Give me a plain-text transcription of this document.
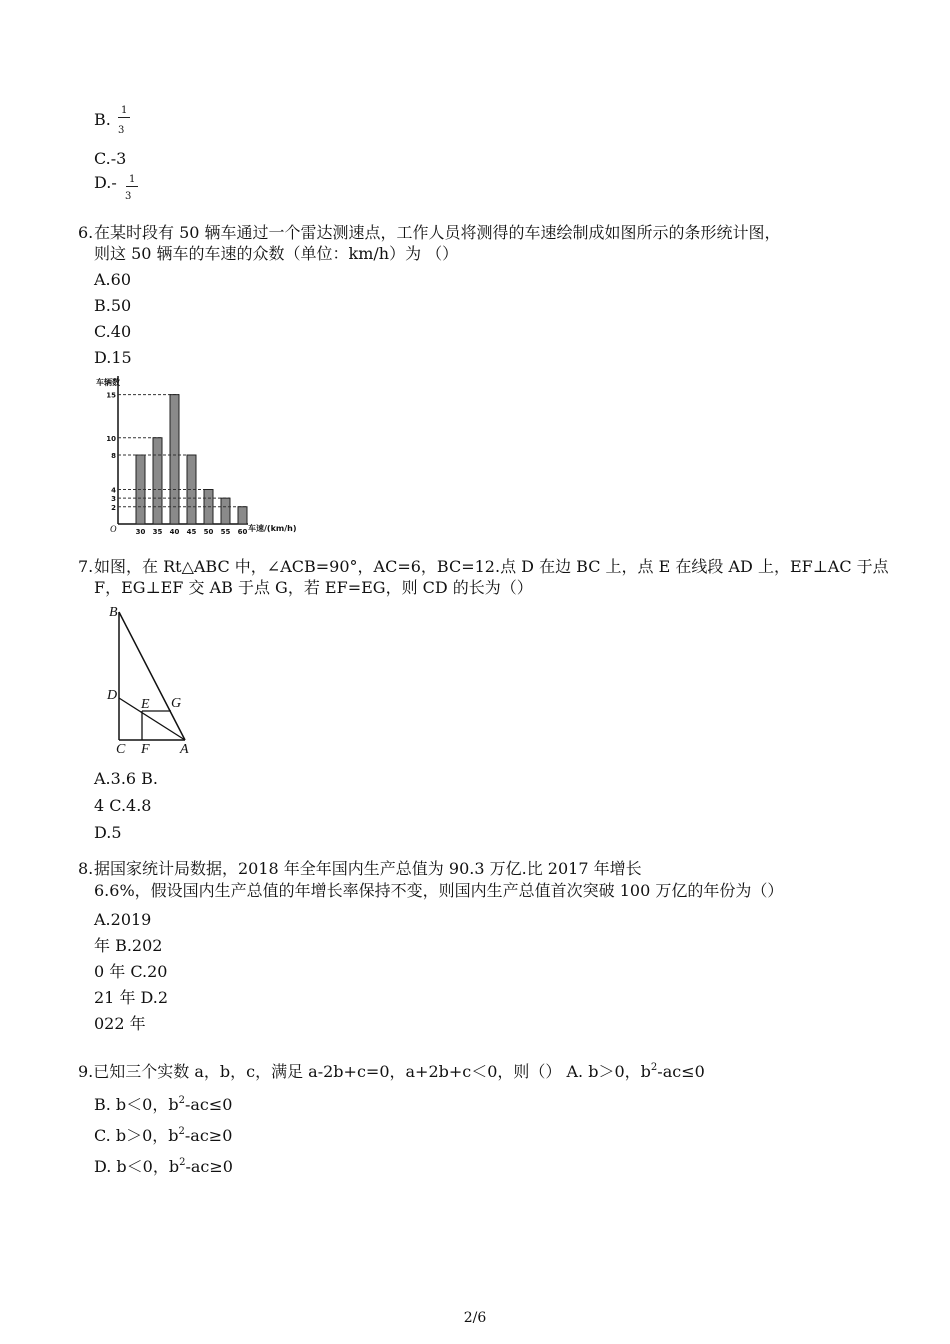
B. 1
3
C.-3
D.- 1
3
6.在某时段有 50 辆车通过一个雷达测速点，工作人员将测得的车速绘制成如图所示的条形统计图，
则这 50 辆车的车速的众数（单位：km/h）为 （）
A.60
B.50
C.40
D.15
车辆数
车速/(km/h)
O	30 35 40 45 50 55 60
2
3
4
8
10
15
7.如图，在 Rt△ABC 中，∠ACB=90°，AC=6，BC=12.点 D 在边 BC 上，点 E 在线段 AD 上，EF⊥AC 于点
F，EG⊥EF 交 AB 于点 G，若 EF=EG，则 CD 的长为（）
B
D
E G
C F A
A.3.6 B.
4 C.4.8
D.5
8.据国家统计局数据，2018 年全年国内生产总值为 90.3 万亿.比 2017 年增长
6.6%，假设国内生产总值的年增长率保持不变，则国内生产总值首次突破 100 万亿的年份为（）
A.2019
年 B.202
0 年 C.20
21 年 D.2
022 年
9.已知三个实数 a，b，c，满足 a-2b+c=0，a+2b+c＜0，则（） A. b＞0，$b^2-ac\le 0$
B. b＜0，$b^2-ac\le 0$
C. b＞0，$b^2-ac\ge 0$
D. b＜0，$b^2-ac\ge 0$
2/6
